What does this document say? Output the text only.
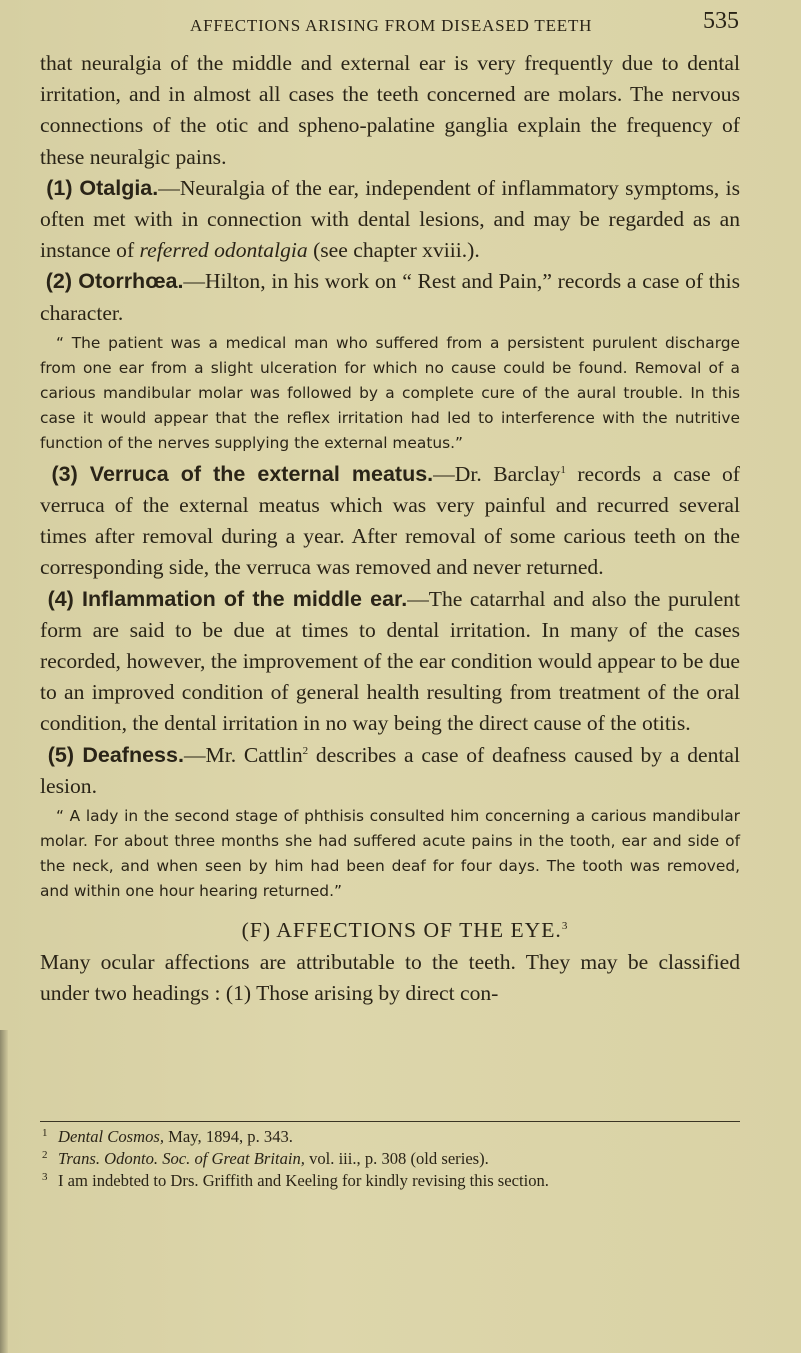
AFFECTIONS ARISING FROM DISEASED TEETH	535

that neuralgia of the middle and external ear is very frequently due to dental irritation, and in almost all cases the teeth concerned are molars. The nervous connections of the otic and spheno-palatine ganglia explain the frequency of these neuralgic pains.

(1) Otalgia.—Neuralgia of the ear, independent of inflammatory symptoms, is often met with in connection with dental lesions, and may be regarded as an instance of referred odontalgia (see chapter xviii.).

(2) Otorrhœa.—Hilton, in his work on “ Rest and Pain,” records a case of this character.

“ The patient was a medical man who suffered from a persistent purulent discharge from one ear from a slight ulceration for which no cause could be found. Removal of a carious mandibular molar was followed by a complete cure of the aural trouble. In this case it would appear that the reflex irritation had led to interference with the nutritive function of the nerves supplying the external meatus.”

(3) Verruca of the external meatus.—Dr. Barclay$^1$ records a case of verruca of the external meatus which was very painful and recurred several times after removal during a year. After removal of some carious teeth on the corresponding side, the verruca was removed and never returned.

(4) Inflammation of the middle ear.—The catarrhal and also the purulent form are said to be due at times to dental irritation. In many of the cases recorded, however, the improvement of the ear condition would appear to be due to an improved condition of general health resulting from treatment of the oral condition, the dental irritation in no way being the direct cause of the otitis.

(5) Deafness.—Mr. Cattlin$^2$ describes a case of deafness caused by a dental lesion.

“ A lady in the second stage of phthisis consulted him concerning a carious mandibular molar. For about three months she had suffered acute pains in the tooth, ear and side of the neck, and when seen by him had been deaf for four days. The tooth was removed, and within one hour hearing returned.”

(F) AFFECTIONS OF THE EYE.$^3$

Many ocular affections are attributable to the teeth. They may be classified under two headings : (1) Those arising by direct con-

1 Dental Cosmos, May, 1894, p. 343.
2 Trans. Odonto. Soc. of Great Britain, vol. iii., p. 308 (old series).
3 I am indebted to Drs. Griffith and Keeling for kindly revising this section.
